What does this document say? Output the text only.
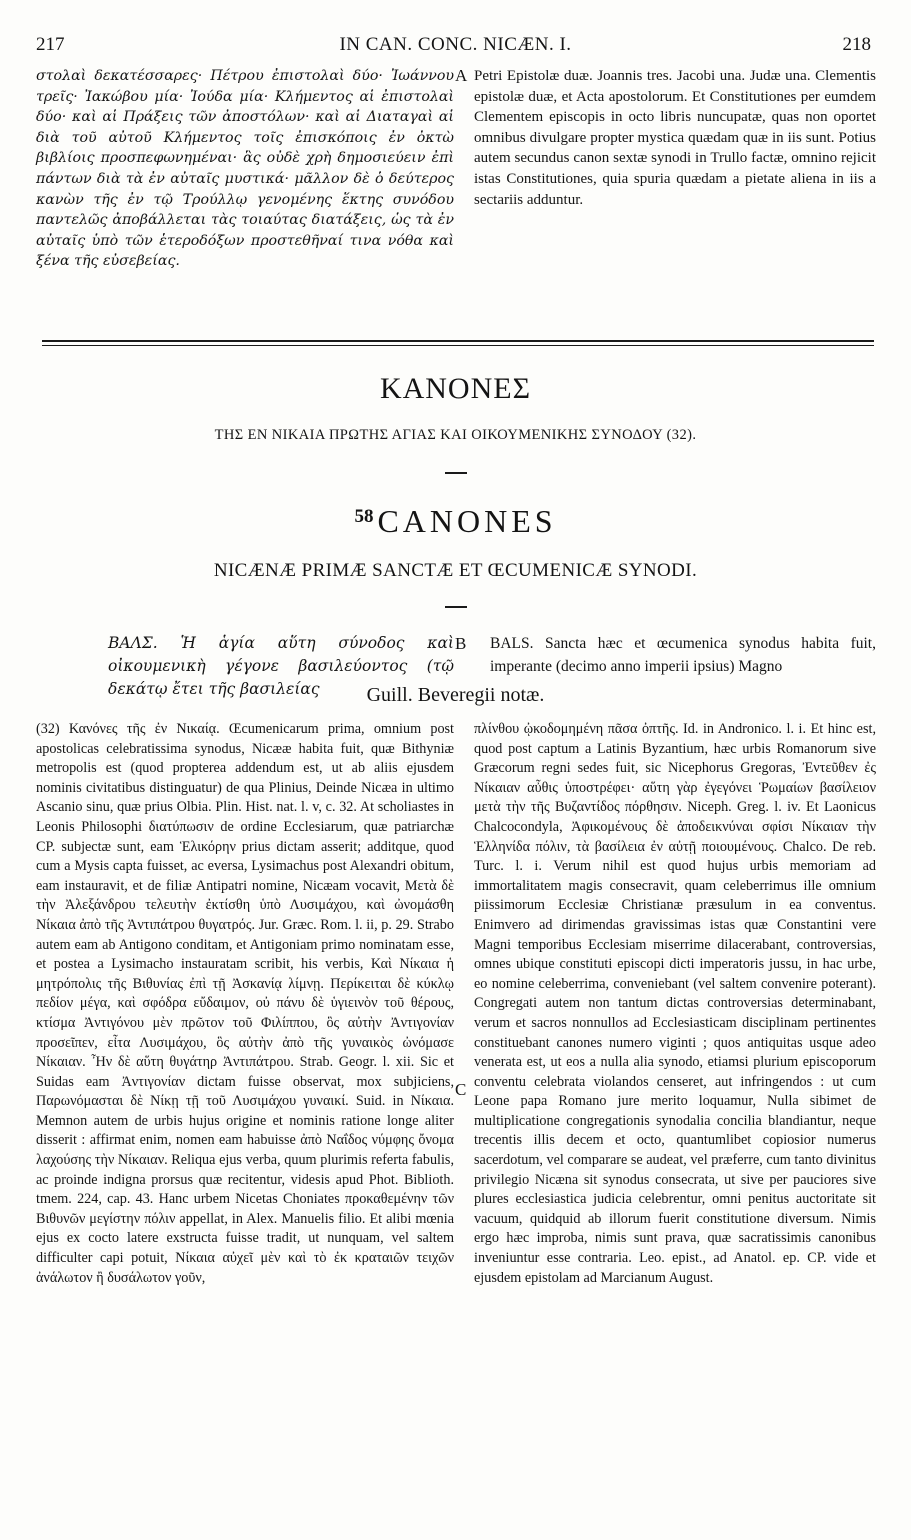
217	IN CAN. CONC. NICÆN. I.	218

στολαὶ δεκατέσσαρες· Πέτρου ἐπιστολαὶ δύο· Ἰωάννου τρεῖς· Ἰακώβου μία· Ἰούδα μία· Κλήμεντος αἱ ἐπιστολαὶ δύο· καὶ αἱ Πράξεις τῶν ἀποστόλων· καὶ αἱ Διαταγαὶ αἱ διὰ τοῦ αὐτοῦ Κλήμεντος τοῖς ἐπισκόποις ἐν ὀκτὼ βιβλίοις προσπεφωνημέναι· ἃς οὐδὲ χρὴ δημοσιεύειν ἐπὶ πάντων διὰ τὰ ἐν αὐταῖς μυστικά· μᾶλλον δὲ ὁ δεύτερος κανὼν τῆς ἐν τῷ Τρούλλῳ γενομένης ἕκτης συνόδου παντελῶς ἀποβάλλεται τὰς τοιαύτας διατάξεις, ὡς τὰ ἐν αὐταῖς ὑπὸ τῶν ἑτεροδόξων προστεθῆναί τινα νόθα καὶ ξένα τῆς εὐσεβείας.

A Petri Epistolæ duæ. Joannis tres. Jacobi una. Judæ una. Clementis epistolæ duæ, et Acta apostolorum. Et Constitutiones per eumdem Clementem episcopis in octo libris nuncupatæ, quas non oportet omnibus divulgare propter mystica quædam quæ in iis sunt. Potius autem secundus canon sextæ synodi in Trullo factæ, omnino rejicit istas Constitutiones, quia spuria quædam a pietate aliena in iis a sectariis adduntur.

ΚΑΝΟΝΕΣ
ΤΗΣ ΕΝ ΝΙΚΑΙΑ ΠΡΩΤΗΣ ΑΓΙΑΣ ΚΑΙ ΟΙΚΟΥΜΕΝΙΚΗΣ ΣΥΝΟΔΟΥ (32).
$^{58}$ CANONES
NICÆNÆ PRIMÆ SANCTÆ ET ŒCUMENICÆ SYNODI.

ΒΑΛΣ. Ἡ ἁγία αὕτη σύνοδος καὶ οἰκουμενικὴ γέγονε βασιλεύοντος (τῷ δεκάτῳ ἔτει τῆς βασιλείας

B BALS. Sancta hæc et œcumenica synodus habita fuit, imperante (decimo anno imperii ipsius) Magno

Guill. Beveregii notæ.

(32) Κανόνες τῆς ἐν Νικαίᾳ. Œcumenicarum prima, omnium post apostolicas celebratissima synodus, Nicææ habita fuit, quæ Bithyniæ metropolis est (quod propterea addendum est, ut ab aliis ejusdem nominis civitatibus distinguatur) de qua Plinius, Deinde Nicæa in ultimo Ascanio sinu, quæ prius Olbia. Plin. Hist. nat. l. v, c. 32. At scholiastes in Leonis Philosophi διατύπωσιν de ordine Ecclesiarum, quæ patriarchæ CP. subjectæ sunt, eam Ἑλικόρην prius dictam asserit; additque, quod cum a Mysis capta fuisset, ac eversa, Lysimachus post Alexandri obitum, eam instauravit, et de filiæ Antipatri nomine, Nicæam vocavit, Μετὰ δὲ τὴν Ἀλεξάνδρου τελευτὴν ἐκτίσθη ὑπὸ Λυσιμάχου, καὶ ὠνομάσθη Νίκαια ἀπὸ τῆς Ἀντιπάτρου θυγατρός. Jur. Græc. Rom. l. ii, p. 29. Strabo autem eam ab Antigono conditam, et Antigoniam primo nominatam esse, et postea a Lysimacho instauratam scribit, his verbis, Καὶ Νίκαια ἡ μητρόπολις τῆς Βιθυνίας ἐπὶ τῇ Ἀσκανίᾳ λίμνῃ. Περίκειται δὲ κύκλῳ πεδίον μέγα, καὶ σφόδρα εὔδαιμον, οὐ πάνυ δὲ ὑγιεινὸν τοῦ θέρους, κτίσμα Ἀντιγόνου μὲν πρῶτον τοῦ Φιλίππου, ὃς αὐτὴν Ἀντιγονίαν προσεῖπεν, εἶτα Λυσιμάχου, ὃς αὐτὴν ἀπὸ τῆς γυναικὸς ὠνόμασε Νίκαιαν. Ἦν δὲ αὕτη θυγάτηρ Ἀντιπάτρου. Strab. Geogr. l. xii. Sic et Suidas eam Ἀντιγονίαν dictam fuisse observat, mox subjiciens, Παρωνόμασται δὲ Νίκῃ τῇ τοῦ Λυσιμάχου γυναικί. Suid. in Νίκαια. Memnon autem de urbis hujus origine et nominis ratione longe aliter disserit : affirmat enim, nomen eam habuisse ἀπὸ Ναΐδος νύμφης ὄνομα λαχούσης τὴν Νίκαιαν. Reliqua ejus verba, quum plurimis referta fabulis, ac proinde indigna prorsus quæ recitentur, videsis apud Phot. Biblioth. tmem. 224, cap. 43. Hanc urbem Nicetas Choniates προκαθεμένην τῶν Βιθυνῶν μεγίστην πόλιν appellat, in Alex. Manuelis filio. Et alibi mœnia ejus ex cocto latere exstructa fuisse tradit, ut nunquam, vel saltem difficulter capi potuit, Νίκαια αὐχεῖ μὲν καὶ τὸ ἐκ κραταιῶν τειχῶν ἀνάλωτον ἢ δυσάλωτον γοῦν,

C

πλίνθου ᾠκοδομημένη πᾶσα ὀπτῆς. Id. in Andronico. l. i. Et hinc est, quod post captum a Latinis Byzantium, hæc urbis Romanorum sive Græcorum regni sedes fuit, sic Nicephorus Gregoras, Ἐντεῦθεν ἐς Νίκαιαν αὖθις ὑποστρέφει· αὕτη γὰρ ἐγεγόνει Ῥωμαίων βασίλειον μετὰ τὴν τῆς Βυζαντίδος πόρθησιν. Niceph. Greg. l. iv. Et Laonicus Chalcocondyla, Ἀφικομένους δὲ ἀποδεικνύναι σφίσι Νίκαιαν τὴν Ἑλληνίδα πόλιν, τὰ βασίλεια ἐν αὐτῇ ποιουμένους. Chalco. De reb. Turc. l. i. Verum nihil est quod hujus urbis memoriam ad immortalitatem magis consecravit, quam celeberrimus ille omnium piissimorum Ecclesiæ Christianæ præsulum in ea conventus. Enimvero ad dirimendas gravissimas istas quæ Constantini vere Magni temporibus Ecclesiam miserrime dilacerabant, controversias, omnes ubique constituti episcopi dicti imperatoris jussu, in hac urbe, eo nomine celeberrima, conveniebant (vel saltem convenire poterant). Congregati autem non tantum dictas controversias determinabant, verum et sacros nonnullos ad Ecclesiasticam disciplinam pertinentes constituebant canones numero viginti ; quos antiquitas usque adeo venerata est, ut eos a nulla alia synodo, etiamsi plurium episcoporum conventu celebrata violandos censeret, aut infringendos : ut cum Leone papa Romano jure merito loquamur, Nulla sibimet de multiplicatione congregationis synodalia concilia blandiantur, neque trecentis illis decem et octo, quantumlibet copiosior numerus sacerdotum, vel comparare se audeat, vel præferre, cum tanto divinitus privilegio Nicæna sit synodus consecrata, ut sive per pauciores sive plures ecclesiastica judicia celebrentur, omni penitus auctoritate sit vacuum, quidquid ab illorum fuerit constitutione diversum. Nimis ergo hæc improba, nimis sunt prava, quæ sacratissimis canonibus inveniuntur esse contraria. Leo. epist., ad Anatol. ep. CP. vide et ejusdem epistolam ad Marcianum August.
